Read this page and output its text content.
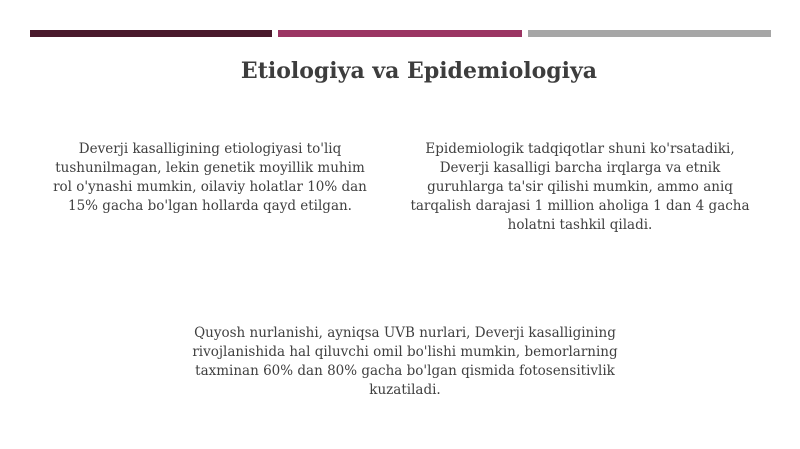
Etiologiya va Epidemiologiya
Deverji kasalligining etiologiyasi to'liq tushunilmagan, lekin genetik moyillik muhim rol o'ynashi mumkin, oilaviy holatlar 10% dan 15% gacha bo'lgan hollarda qayd etilgan.
Epidemiologik tadqiqotlar shuni ko'rsatadiki, Deverji kasalligi barcha irqlarga va etnik guruhlarga ta'sir qilishi mumkin, ammo aniq tarqalish darajasi 1 million aholiga 1 dan 4 gacha holatni tashkil qiladi.
Quyosh nurlanishi, ayniqsa UVB nurlari, Deverji kasalligining rivojlanishida hal qiluvchi omil bo'lishi mumkin, bemorlarning taxminan 60% dan 80% gacha bo'lgan qismida fotosensitivlik kuzatiladi.
